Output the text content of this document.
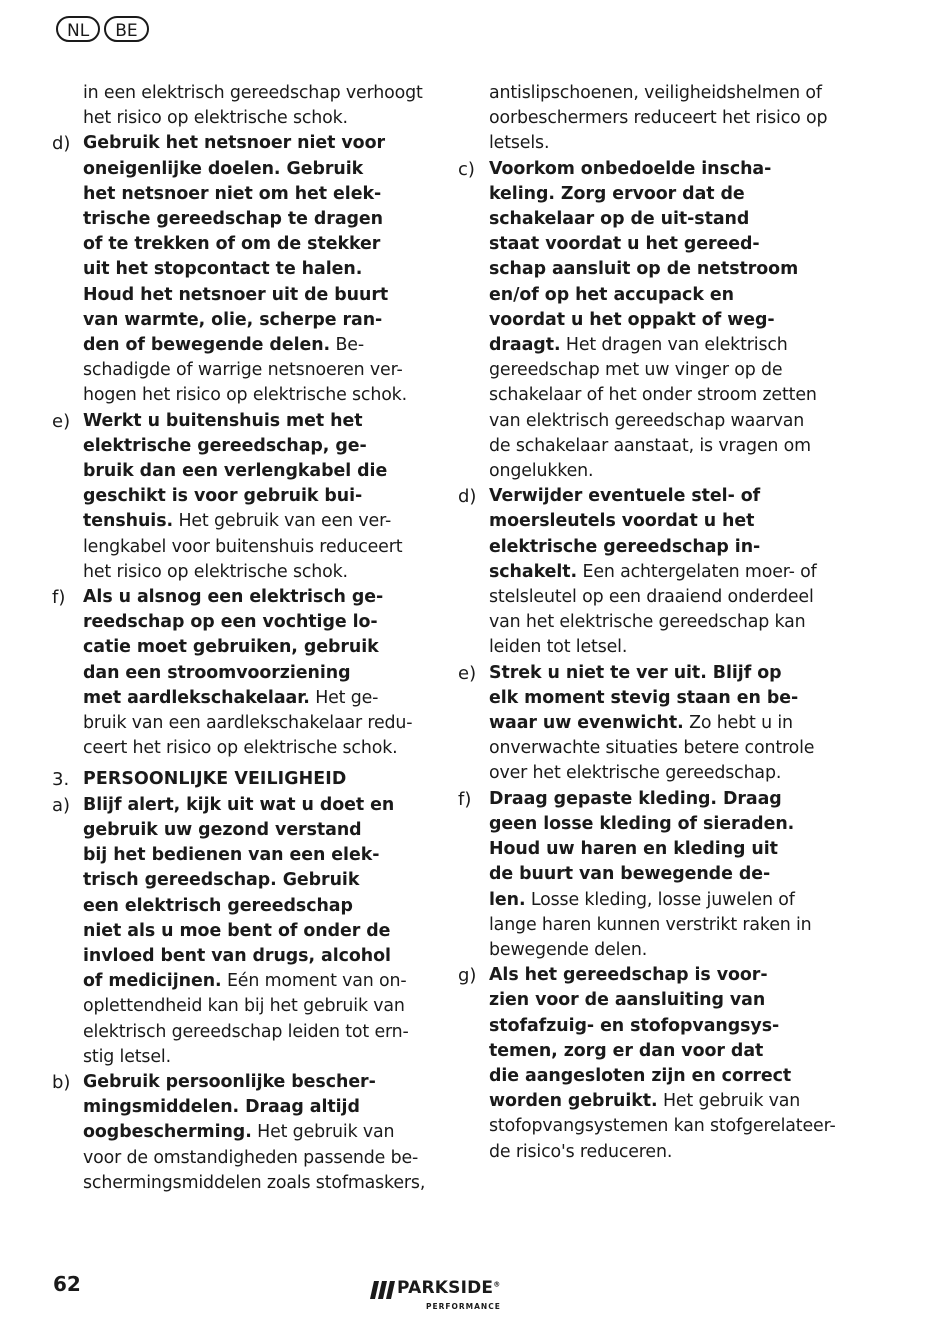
NL	BE
in een elektrisch gereedschap verhoogt
het risico op elektrische schok.
d) Gebruik het netsnoer niet voor
oneigenlijke doelen. Gebruik
het netsnoer niet om het elek-
trische gereedschap te dragen
of te trekken of om de stekker
uit het stopcontact te halen.
Houd het netsnoer uit de buurt
van warmte, olie, scherpe ran-
den of bewegende delen. Be-
schadigde of warrige netsnoeren ver-
hogen het risico op elektrische schok.
e) Werkt u buitenshuis met het
elektrische gereedschap, ge-
bruik dan een verlengkabel die
geschikt is voor gebruik bui-
tenshuis. Het gebruik van een ver-
lengkabel voor buitenshuis reduceert
het risico op elektrische schok.
f)	Als u alsnog een elektrisch ge-
reedschap op een vochtige lo-
catie moet gebruiken, gebruik
dan een stroomvoorziening
met aardlekschakelaar. Het ge-
bruik van een aardlekschakelaar redu-
ceert het risico op elektrische schok.
3. PERSOONLIJKE VEILIGHEID
a) Blijf alert, kijk uit wat u doet en
gebruik uw gezond verstand
bij het bedienen van een elek-
trisch gereedschap. Gebruik
een elektrisch gereedschap
niet als u moe bent of onder de
invloed bent van drugs, alcohol
of medicijnen. Eén moment van on-
oplettendheid kan bij het gebruik van
elektrisch gereedschap leiden tot ern-
stig letsel.
b) Gebruik persoonlijke bescher-
mingsmiddelen. Draag altijd
oogbescherming. Het gebruik van
voor de omstandigheden passende be-
schermingsmiddelen zoals stofmaskers,
antislipschoenen, veiligheidshelmen of
oorbeschermers reduceert het risico op
letsels.
c) Voorkom onbedoelde inscha-
keling. Zorg ervoor dat de
schakelaar op de uit-stand
staat voordat u het gereed-
schap aansluit op de netstroom
en/of op het accupack en
voordat u het oppakt of weg-
draagt. Het dragen van elektrisch
gereedschap met uw vinger op de
schakelaar of het onder stroom zetten
van elektrisch gereedschap waarvan
de schakelaar aanstaat, is vragen om
ongelukken.
d) Verwijder eventuele stel- of
moersleutels voordat u het
elektrische gereedschap in-
schakelt. Een achtergelaten moer- of
stelsleutel op een draaiend onderdeel
van het elektrische gereedschap kan
leiden tot letsel.
e) Strek u niet te ver uit. Blijf op
elk moment stevig staan en be-
waar uw evenwicht. Zo hebt u in
onverwachte situaties betere controle
over het elektrische gereedschap.
f)	Draag gepaste kleding. Draag
geen losse kleding of sieraden.
Houd uw haren en kleding uit
de buurt van bewegende de-
len. Losse kleding, losse juwelen of
lange haren kunnen verstrikt raken in
bewegende delen.
g) Als het gereedschap is voor-
zien voor de aansluiting van
stofafzuig- en stofopvangsys-
temen, zorg er dan voor dat
die aangesloten zijn en correct
worden gebruikt. Het gebruik van
stofopvangsystemen kan stofgerelateer-
de risico's reduceren.
62	PARKSIDE®
PERFORMANCE
